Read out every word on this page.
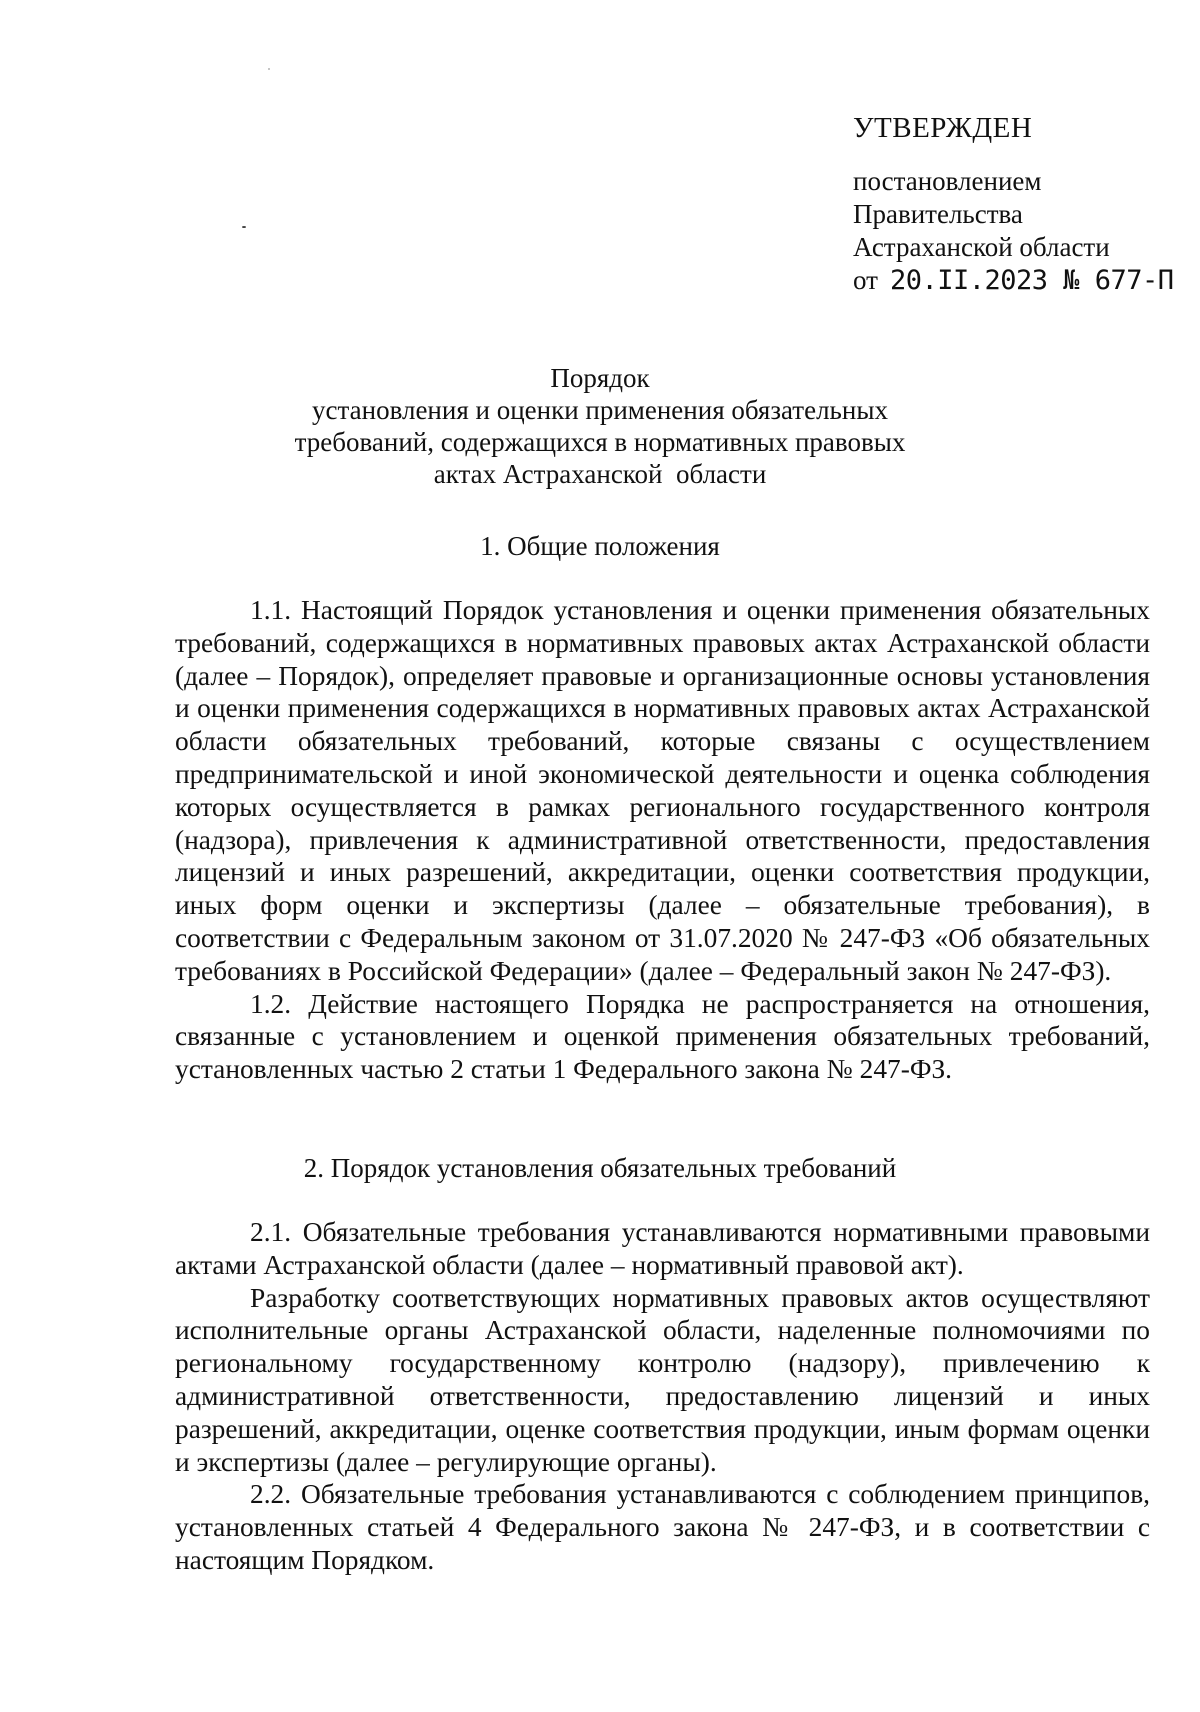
УТВЕРЖДЕН
постановлением
Правительства
Астраханской области
от 20.II.2023 № 677-П
Порядок
установления и оценки применения обязательных
требований, содержащихся в нормативных правовых
актах Астраханской  области
1. Общие положения

1.1. Настоящий Порядок установления и оценки применения обязательных требований, содержащихся в нормативных правовых актах Астраханской области (далее – Порядок), определяет правовые и организационные основы установления и оценки применения содержащихся в нормативных правовых актах Астраханской области обязательных требований, которые связаны с осуществлением предпринимательской и иной экономической деятельности и оценка соблюдения которых осуществляется в рамках регионального государственного контроля (надзора), привлечения к административной ответственности, предоставления лицензий и иных разрешений, аккредитации, оценки соответствия продукции, иных форм оценки и экспертизы (далее – обязательные требования), в соответствии с Федеральным законом от 31.07.2020 № 247-ФЗ «Об обязательных требованиях в Российской Федерации» (далее – Федеральный закон № 247-ФЗ).

1.2. Действие настоящего Порядка не распространяется на отношения, связанные с установлением и оценкой применения обязательных требований, установленных частью 2 статьи 1 Федерального закона № 247-ФЗ.

2. Порядок установления обязательных требований

2.1. Обязательные требования устанавливаются нормативными правовыми актами Астраханской области (далее – нормативный правовой акт).

Разработку соответствующих нормативных правовых актов осуществляют исполнительные органы Астраханской области, наделенные полномочиями по региональному государственному контролю (надзору), привлечению к административной ответственности, предоставлению лицензий и иных разрешений, аккредитации, оценке соответствия продукции, иным формам оценки и экспертизы (далее – регулирующие органы).

2.2. Обязательные требования устанавливаются с соблюдением принципов, установленных статьей 4 Федерального закона № 247-ФЗ, и в соответствии с настоящим Порядком.
